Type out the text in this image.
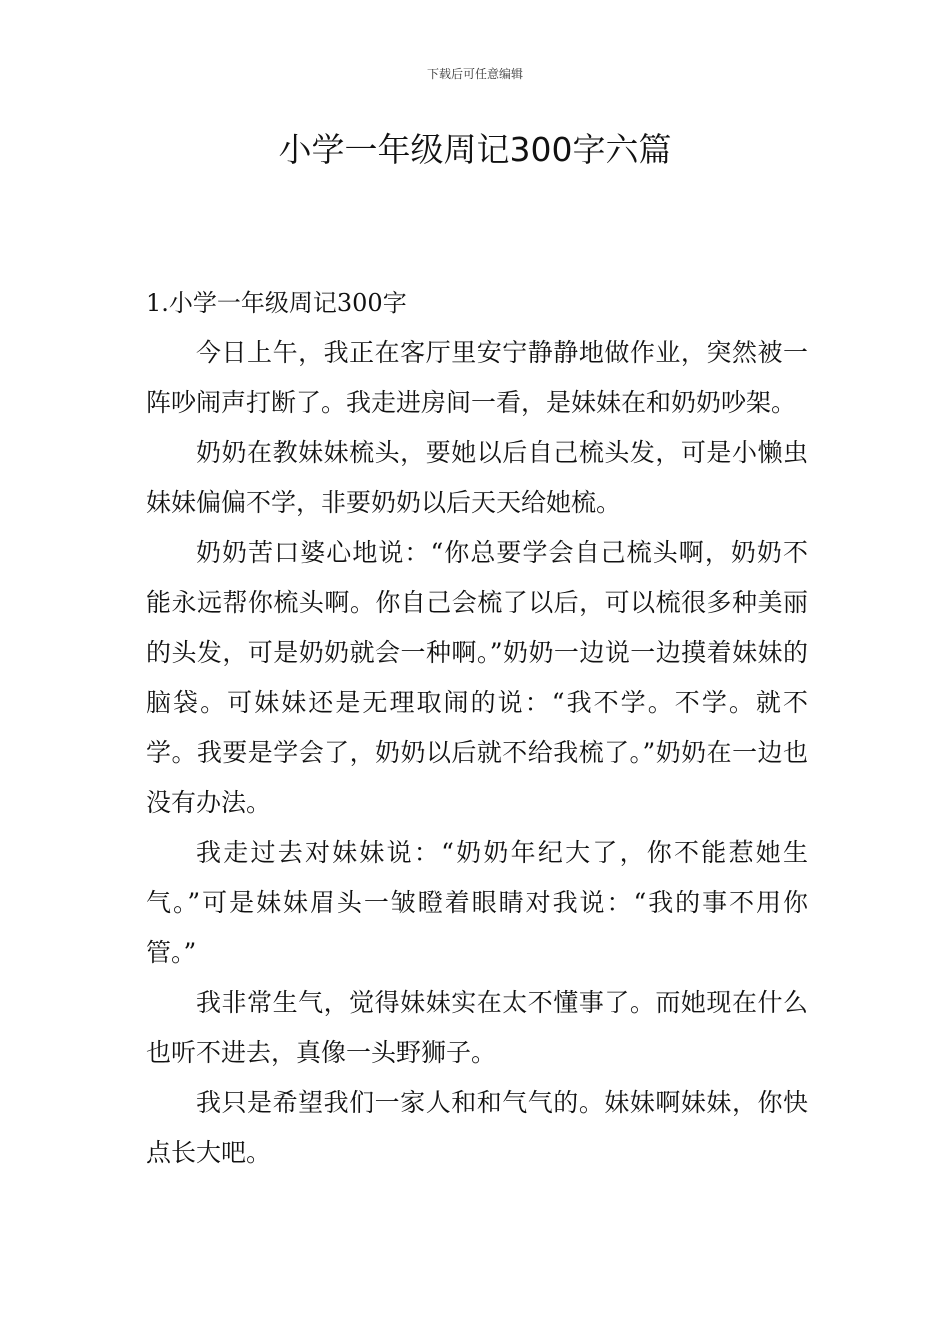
下载后可任意编辑
小学一年级周记300字六篇
1.小学一年级周记300字

今日上午，我正在客厅里安宁静静地做作业，突然被一阵吵闹声打断了。我走进房间一看，是妹妹在和奶奶吵架。

奶奶在教妹妹梳头，要她以后自己梳头发，可是小懒虫妹妹偏偏不学，非要奶奶以后天天给她梳。

奶奶苦口婆心地说：“你总要学会自己梳头啊，奶奶不能永远帮你梳头啊。你自己会梳了以后，可以梳很多种美丽的头发，可是奶奶就会一种啊。”奶奶一边说一边摸着妹妹的脑袋。可妹妹还是无理取闹的说：“我不学。不学。就不学。我要是学会了，奶奶以后就不给我梳了。”奶奶在一边也没有办法。

我走过去对妹妹说：“奶奶年纪大了，你不能惹她生气。”可是妹妹眉头一皱瞪着眼睛对我说：“我的事不用你管。”

我非常生气，觉得妹妹实在太不懂事了。而她现在什么也听不进去，真像一头野狮子。

我只是希望我们一家人和和气气的。妹妹啊妹妹，你快点长大吧。
